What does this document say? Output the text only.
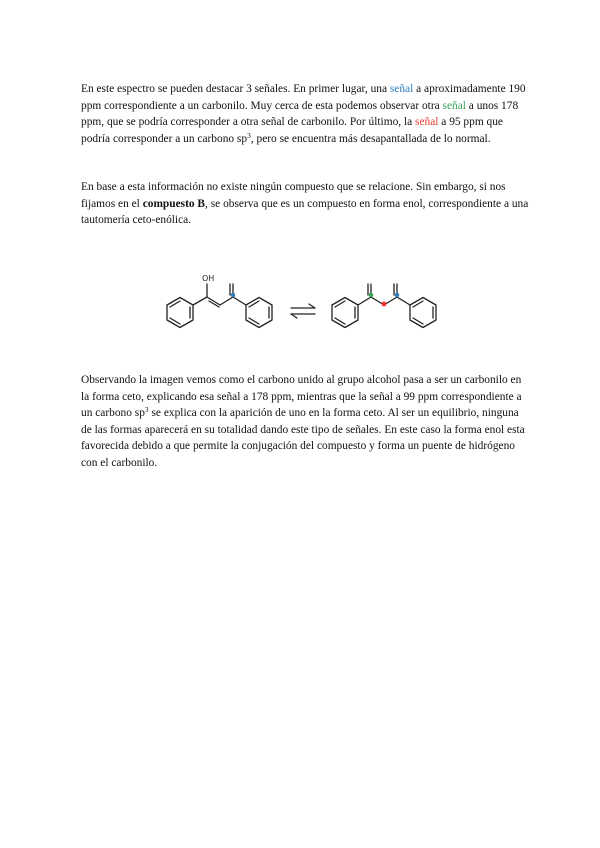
En este espectro se pueden destacar 3 señales. En primer lugar, una señal a aproximadamente 190 ppm correspondiente a un carbonilo. Muy cerca de esta podemos observar otra señal a unos 178 ppm, que se podría corresponder a otra señal de carbonilo. Por último, la señal a 95 ppm que podría corresponder a un carbono $sp^3$, pero se encuentra más desapantallada de lo normal.
En base a esta información no existe ningún compuesto que se relacione. Sin embargo, si nos fijamos en el compuesto B, se observa que es un compuesto en forma enol, correspondiente a una tautomería ceto-enólica.
OH
Observando la imagen vemos como el carbono unido al grupo alcohol pasa a ser un carbonilo en la forma ceto, explicando esa señal a 178 ppm, mientras que la señal a 99 ppm correspondiente a un carbono $sp^3$ se explica con la aparición de uno en la forma ceto. Al ser un equilibrio, ninguna de las formas aparecerá en su totalidad dando este tipo de señales. En este caso la forma enol esta favorecida debido a que permite la conjugación del compuesto y forma un puente de hidrógeno con el carbonilo.
